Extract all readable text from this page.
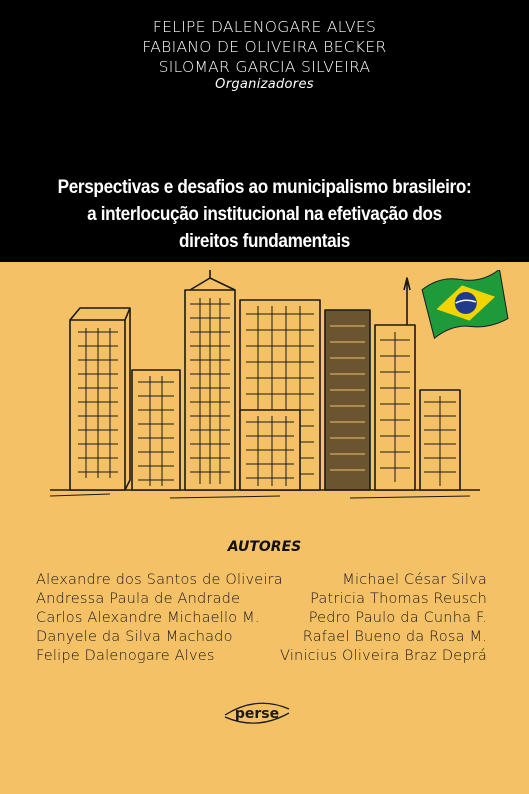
FELIPE DALENOGARE ALVES
FABIANO DE OLIVEIRA BECKER
SILOMAR GARCIA SILVEIRA
Organizadores
Perspectivas e desafios ao municipalismo brasileiro:
a interlocução institucional na efetivação dos
direitos fundamentais
AUTORES
Alexandre dos Santos de Oliveira
Andressa Paula de Andrade
Carlos Alexandre Michaello M.
Danyele da Silva Machado
Felipe Dalenogare Alves
Michael César Silva
Patricia Thomas Reusch
Pedro Paulo da Cunha F.
Rafael Bueno da Rosa M.
Vinicius Oliveira Braz Deprá
perse
